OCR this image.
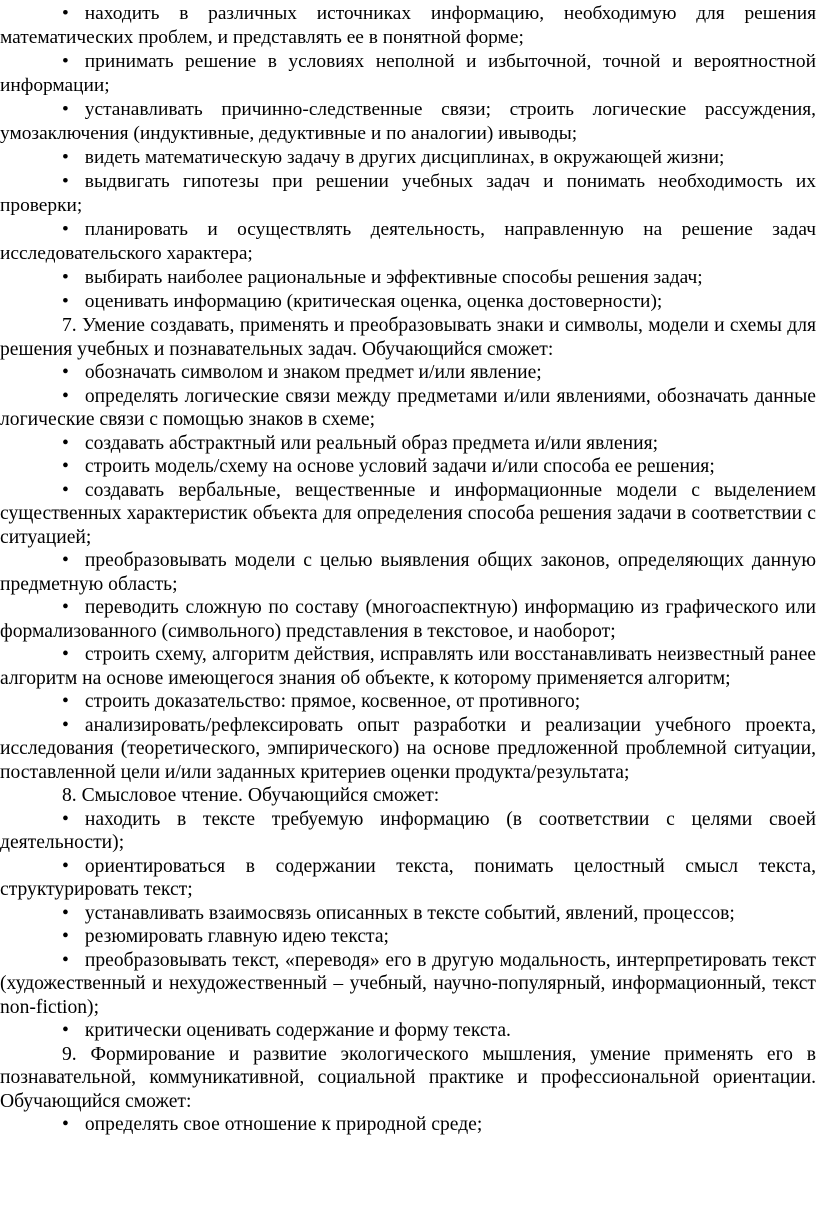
• находить в различных источниках информацию, необходимую для решения математических проблем, и представлять ее в понятной форме;

• принимать решение в условиях неполной и избыточной, точной и вероятностной информации;

• устанавливать причинно-следственные связи; строить логические рассуждения, умозаключения (индуктивные, дедуктивные и по аналогии) ивыводы;

• видеть математическую задачу в других дисциплинах, в окружающей жизни;

• выдвигать гипотезы при решении учебных задач и понимать необходимость их проверки;

• планировать и осуществлять деятельность, направленную на решение задач исследовательского характера;

• выбирать наиболее рациональные и эффективные способы решения задач;

• оценивать информацию (критическая оценка, оценка достоверности);

7. Умение создавать, применять и преобразовывать знаки и символы, модели и схемы для решения учебных и познавательных задач. Обучающийся сможет:

• обозначать символом и знаком предмет и/или явление;

• определять логические связи между предметами и/или явлениями, обозначать данные логические связи с помощью знаков в схеме;

• создавать абстрактный или реальный образ предмета и/или явления;

• строить модель/схему на основе условий задачи и/или способа ее решения;

• создавать вербальные, вещественные и информационные модели с выделением существенных характеристик объекта для определения способа решения задачи в соответствии с ситуацией;

• преобразовывать модели с целью выявления общих законов, определяющих данную предметную область;

• переводить сложную по составу (многоаспектную) информацию из графического или формализованного (символьного) представления в текстовое, и наоборот;

• строить схему, алгоритм действия, исправлять или восстанавливать неизвестный ранее алгоритм на основе имеющегося знания об объекте, к которому применяется алгоритм;

• строить доказательство: прямое, косвенное, от противного;

• анализировать/рефлексировать опыт разработки и реализации учебного проекта, исследования (теоретического, эмпирического) на основе предложенной проблемной ситуации, поставленной цели и/или заданных критериев оценки продукта/результата;

8. Смысловое чтение. Обучающийся сможет:

• находить в тексте требуемую информацию (в соответствии с целями своей деятельности);

• ориентироваться в содержании текста, понимать целостный смысл текста, структурировать текст;

• устанавливать взаимосвязь описанных в тексте событий, явлений, процессов;

• резюмировать главную идею текста;

• преобразовывать текст, «переводя» его в другую модальность, интерпретировать текст (художественный и нехудожественный – учебный, научно-популярный, информационный, текст non-fiction);

• критически оценивать содержание и форму текста.

9. Формирование и развитие экологического мышления, умение применять его в познавательной, коммуникативной, социальной практике и профессиональной ориентации. Обучающийся сможет:

• определять свое отношение к природной среде;
